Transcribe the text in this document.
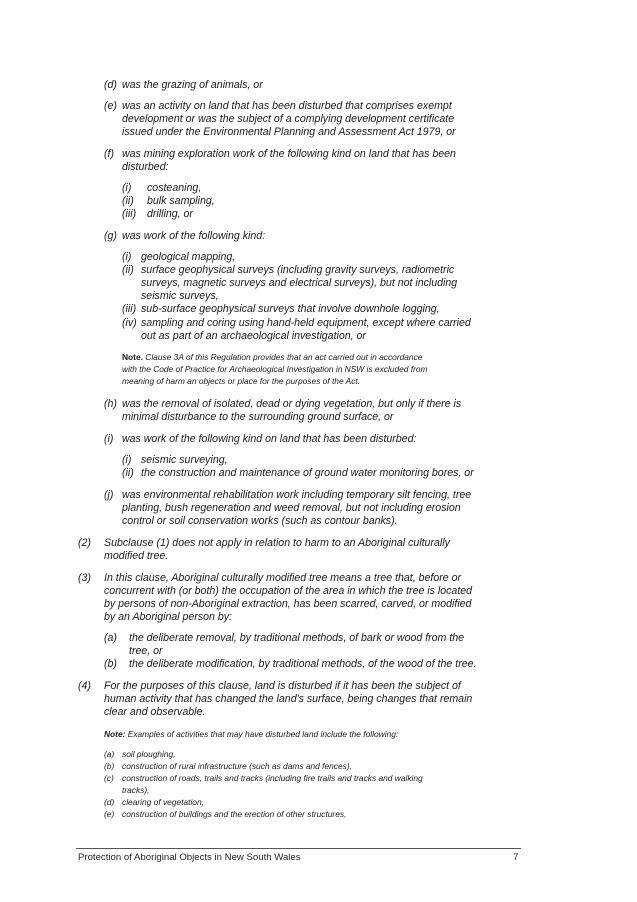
(d) was the grazing of animals, or
(e) was an activity on land that has been disturbed that comprises exempt
development or was the subject of a complying development certificate
issued under the Environmental Planning and Assessment Act 1979, or
(f) was mining exploration work of the following kind on land that has been
disturbed:
(i) costeaning,
(ii) bulk sampling,
(iii) drilling, or
(g) was work of the following kind:
(i) geological mapping,
(ii) surface geophysical surveys (including gravity surveys, radiometric
surveys, magnetic surveys and electrical surveys), but not including
seismic surveys,
(iii) sub-surface geophysical surveys that involve downhole logging,
(iv) sampling and coring using hand-held equipment, except where carried
out as part of an archaeological investigation, or
Note. Clause 3A of this Regulation provides that an act carried out in accordance
with the Code of Practice for Archaeological Investigation in NSW is excluded from
meaning of harm an objects or place for the purposes of the Act.
(h) was the removal of isolated, dead or dying vegetation, but only if there is
minimal disturbance to the surrounding ground surface, or
(i) was work of the following kind on land that has been disturbed:
(i) seismic surveying,
(ii) the construction and maintenance of ground water monitoring bores, or
(j) was environmental rehabilitation work including temporary silt fencing, tree
planting, bush regeneration and weed removal, but not including erosion
control or soil conservation works (such as contour banks).
(2) Subclause (1) does not apply in relation to harm to an Aboriginal culturally
modified tree.
(3) In this clause, Aboriginal culturally modified tree means a tree that, before or
concurrent with (or both) the occupation of the area in which the tree is located
by persons of non-Aboriginal extraction, has been scarred, carved, or modified
by an Aboriginal person by:
(a) the deliberate removal, by traditional methods, of bark or wood from the
tree, or
(b) the deliberate modification, by traditional methods, of the wood of the tree.
(4) For the purposes of this clause, land is disturbed if it has been the subject of
human activity that has changed the land's surface, being changes that remain
clear and observable.
Note: Examples of activities that may have disturbed land include the following:
(a) soil ploughing,
(b) construction of rural infrastructure (such as dams and fences),
(c) construction of roads, trails and tracks (including fire trails and tracks and walking
tracks),
(d) clearing of vegetation,
(e) construction of buildings and the erection of other structures,
Protection of Aboriginal Objects in New South Wales	7
